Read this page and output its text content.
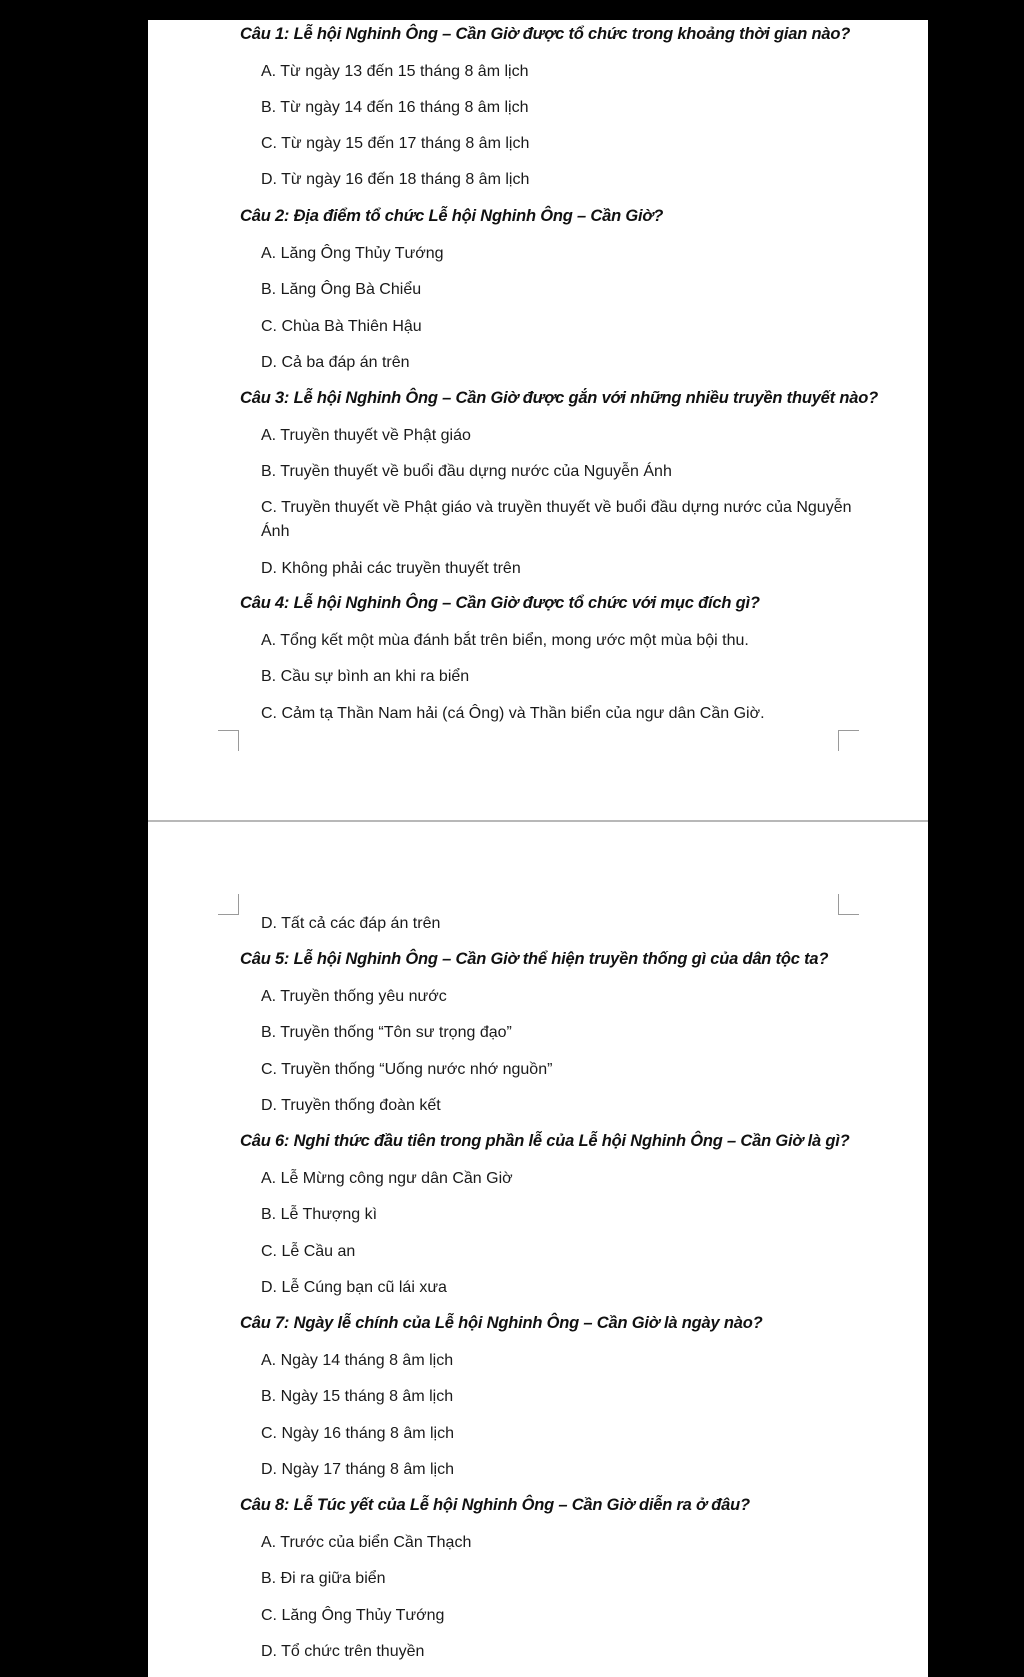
Câu 1: Lễ hội Nghinh Ông – Cần Giờ được tổ chức trong khoảng thời gian nào?
A. Từ ngày 13 đến 15 tháng 8 âm lịch
B. Từ ngày 14 đến 16 tháng 8 âm lịch
C. Từ ngày 15 đến 17 tháng 8 âm lịch
D. Từ ngày 16 đến 18 tháng 8 âm lịch
Câu 2: Địa điểm tổ chức Lễ hội Nghinh Ông – Cần Giờ?
A. Lăng Ông Thủy Tướng
B. Lăng Ông Bà Chiểu
C. Chùa Bà Thiên Hậu
D. Cả ba đáp án trên
Câu 3: Lễ hội Nghinh Ông – Cần Giờ được gắn với những nhiều truyền thuyết nào?
A. Truyền thuyết về Phật giáo
B. Truyền thuyết về buổi đầu dựng nước của Nguyễn Ánh
C. Truyền thuyết về Phật giáo và truyền thuyết về buổi đầu dựng nước của Nguyễn Ánh
D. Không phải các truyền thuyết trên
Câu 4: Lễ hội Nghinh Ông – Cần Giờ được tổ chức với mục đích gì?
A. Tổng kết một mùa đánh bắt trên biển, mong ước một mùa bội thu.
B. Cầu sự bình an khi ra biển
C. Cảm tạ Thần Nam hải (cá Ông) và Thần biển của ngư dân Cần Giờ.
D. Tất cả các đáp án trên
Câu 5: Lễ hội Nghinh Ông – Cần Giờ thể hiện truyền thống gì của dân tộc ta?
A. Truyền thống yêu nước
B. Truyền thống “Tôn sư trọng đạo”
C. Truyền thống “Uống nước nhớ nguồn”
D. Truyền thống đoàn kết
Câu 6: Nghi thức đầu tiên trong phần lễ của Lễ hội Nghinh Ông – Cần Giờ là gì?
A. Lễ Mừng công ngư dân Cần Giờ
B. Lễ Thượng kì
C. Lễ Cầu an
D. Lễ Cúng bạn cũ lái xưa
Câu 7: Ngày lễ chính của Lễ hội Nghinh Ông – Cần Giờ là ngày nào?
A. Ngày 14 tháng 8 âm lịch
B. Ngày 15 tháng 8 âm lịch
C. Ngày 16 tháng 8 âm lịch
D. Ngày 17 tháng 8 âm lịch
Câu 8: Lễ Túc yết của Lễ hội Nghinh Ông – Cần Giờ diễn ra ở đâu?
A. Trước của biển Cần Thạch
B. Đi ra giữa biển
C. Lăng Ông Thủy Tướng
D. Tổ chức trên thuyền
